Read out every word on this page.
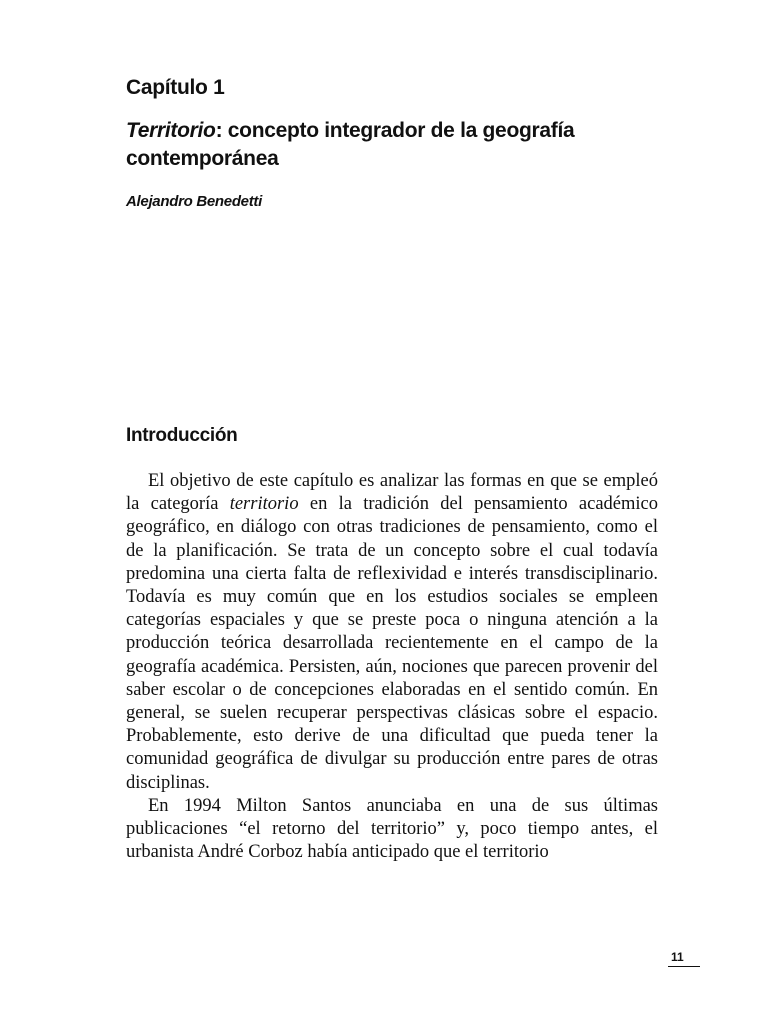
Capítulo 1
Territorio: concepto integrador de la geografía contemporánea

Alejandro Benedetti

Introducción

El objetivo de este capítulo es analizar las formas en que se empleó la categoría territorio en la tradición del pensamiento académico geográfico, en diálogo con otras tradiciones de pensamiento, como el de la planificación. Se trata de un concepto sobre el cual todavía predomina una cierta falta de reflexividad e interés transdisciplinario. Todavía es muy común que en los estudios sociales se empleen categorías espaciales y que se preste poca o ninguna atención a la producción teórica desarrollada recientemente en el campo de la geografía académica. Persisten, aún, nociones que parecen provenir del saber escolar o de concepciones elaboradas en el sentido común. En general, se suelen recuperar perspectivas clásicas sobre el espacio. Probablemente, esto derive de una dificultad que pueda tener la comunidad geográfica de divulgar su producción entre pares de otras disciplinas.

En 1994 Milton Santos anunciaba en una de sus últimas publicaciones “el retorno del territorio” y, poco tiempo antes, el urbanista André Corboz había anticipado que el territorio

11
